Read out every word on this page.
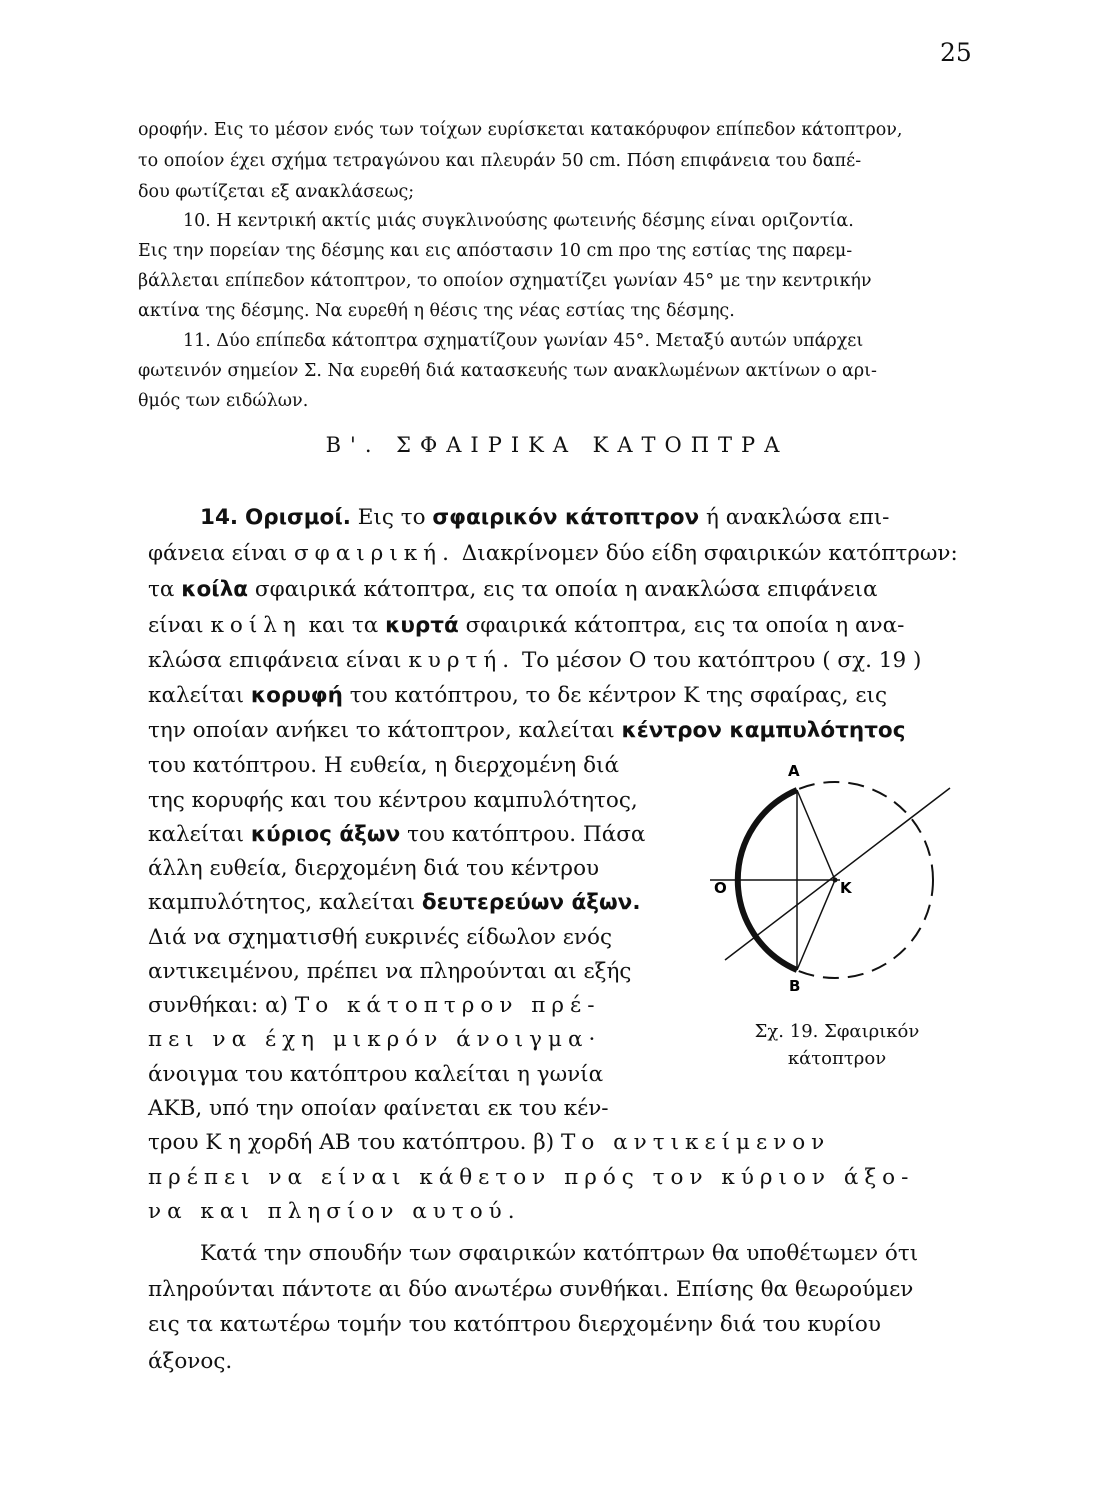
25
οροφήν. Εις το μέσον ενός των τοίχων ευρίσκεται κατακόρυφον επίπεδον κάτοπτρον,
το οποίον έχει σχήμα τετραγώνου και πλευράν 50 cm. Πόση επιφάνεια του δαπέ-
δου φωτίζεται εξ ανακλάσεως;
10. Η κεντρική ακτίς μιάς συγκλινούσης φωτεινής δέσμης είναι οριζοντία.
Εις την πορείαν της δέσμης και εις απόστασιν 10 cm προ της εστίας της παρεμ-
βάλλεται επίπεδον κάτοπτρον, το οποίον σχηματίζει γωνίαν 45° με την κεντρικήν
ακτίνα της δέσμης. Να ευρεθή η θέσις της νέας εστίας της δέσμης.
11. Δύο επίπεδα κάτοπτρα σχηματίζουν γωνίαν 45°. Μεταξύ αυτών υπάρχει
φωτεινόν σημείον Σ. Να ευρεθή διά κατασκευής των ανακλωμένων ακτίνων ο αρι-
θμός των ειδώλων.
Β'. ΣΦΑΙΡΙΚΑ ΚΑΤΟΠΤΡΑ
14. Ορισμοί. Εις το σφαιρικόν κάτοπτρον ή ανακλώσα επι-
φάνεια είναι σφαιρική. Διακρίνομεν δύο είδη σφαιρικών κατόπτρων:
τα κοίλα σφαιρικά κάτοπτρα, εις τα οποία η ανακλώσα επιφάνεια
είναι κοίλη και τα κυρτά σφαιρικά κάτοπτρα, εις τα οποία η ανα-
κλώσα επιφάνεια είναι κυρτή. Το μέσον Ο του κατόπτρου ( σχ. 19 )
καλείται κορυφή του κατόπτρου, το δε κέντρον Κ της σφαίρας, εις
την οποίαν ανήκει το κάτοπτρον, καλείται κέντρον καμπυλότητος
του κατόπτρου. Η ευθεία, η διερχομένη διά
της κορυφής και του κέντρου καμπυλότητος,
καλείται κύριος άξων του κατόπτρου. Πάσα
άλλη ευθεία, διερχομένη διά του κέντρου
καμπυλότητος, καλείται δευτερεύων άξων.
Διά να σχηματισθή ευκρινές είδωλον ενός
αντικειμένου, πρέπει να πληρούνται αι εξής
συνθήκαι: α) Το κάτοπτρον πρέ-
πει να έχη μικρόν άνοιγμα·
άνοιγμα του κατόπτρου καλείται η γωνία
ΑΚΒ, υπό την οποίαν φαίνεται εκ του κέν-
τρου Κ η χορδή ΑΒ του κατόπτρου. β) Το αντικείμενον
πρέπει να είναι κάθετον πρός τον κύριον άξο-
να και πλησίον αυτού.
Κατά την σπουδήν των σφαιρικών κατόπτρων θα υποθέτωμεν ότι
πληρούνται πάντοτε αι δύο ανωτέρω συνθήκαι. Επίσης θα θεωρούμεν
εις τα κατωτέρω τομήν του κατόπτρου διερχομένην διά του κυρίου
άξονος.
Α
Β
Ο	Κ
Σχ. 19. Σφαιρικόν
κάτοπτρον
